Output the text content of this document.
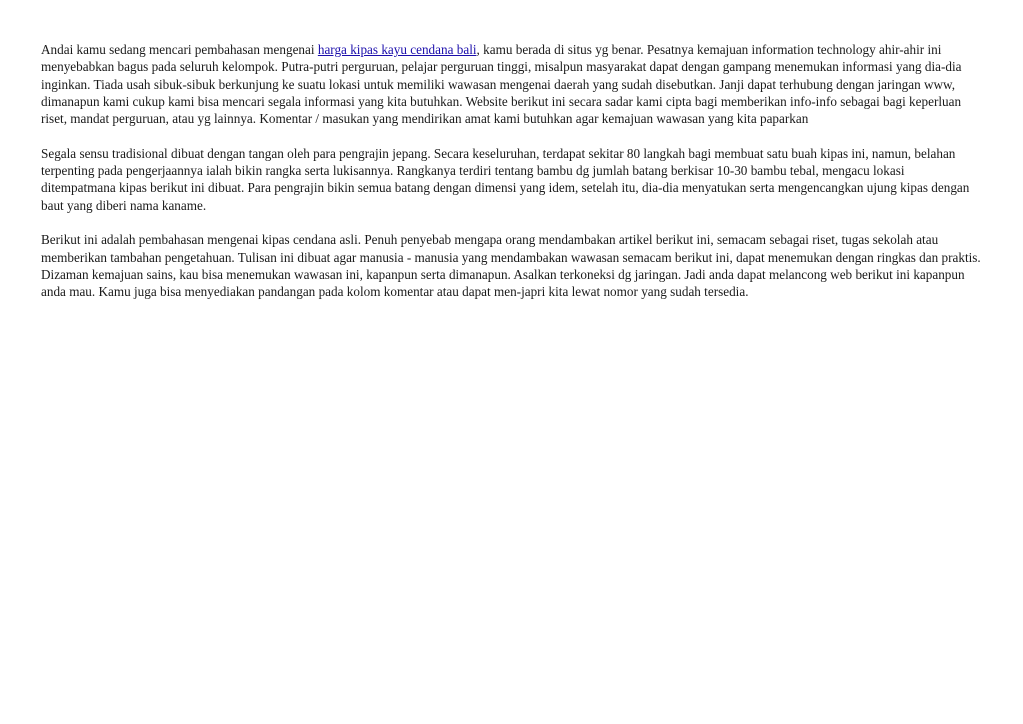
Andai kamu sedang mencari pembahasan mengenai harga kipas kayu cendana bali, kamu berada di situs yg benar. Pesatnya kemajuan information technology ahir-ahir ini menyebabkan bagus pada seluruh kelompok. Putra-putri perguruan, pelajar perguruan tinggi, misalpun masyarakat dapat dengan gampang menemukan informasi yang dia-dia inginkan. Tiada usah sibuk-sibuk berkunjung ke suatu lokasi untuk memiliki wawasan mengenai daerah yang sudah disebutkan. Janji dapat terhubung dengan jaringan www, dimanapun kami cukup kami bisa mencari segala informasi yang kita butuhkan. Website berikut ini secara sadar kami cipta bagi memberikan info-info sebagai bagi keperluan riset, mandat perguruan, atau yg lainnya. Komentar / masukan yang mendirikan amat kami butuhkan agar kemajuan wawasan yang kita paparkan

Segala sensu tradisional dibuat dengan tangan oleh para pengrajin jepang. Secara keseluruhan, terdapat sekitar 80 langkah bagi membuat satu buah kipas ini, namun, belahan terpenting pada pengerjaannya ialah bikin rangka serta lukisannya. Rangkanya terdiri tentang bambu dg jumlah batang berkisar 10-30 bambu tebal, mengacu lokasi ditempatmana kipas berikut ini dibuat. Para pengrajin bikin semua batang dengan dimensi yang idem, setelah itu, dia-dia menyatukan serta mengencangkan ujung kipas dengan baut yang diberi nama kaname.

Berikut ini adalah pembahasan mengenai kipas cendana asli. Penuh penyebab mengapa orang mendambakan artikel berikut ini, semacam sebagai riset, tugas sekolah atau memberikan tambahan pengetahuan. Tulisan ini dibuat agar manusia - manusia yang mendambakan wawasan semacam berikut ini, dapat menemukan dengan ringkas dan praktis. Dizaman kemajuan sains, kau bisa menemukan wawasan ini, kapanpun serta dimanapun. Asalkan terkoneksi dg jaringan. Jadi anda dapat melancong web berikut ini kapanpun anda mau. Kamu juga bisa menyediakan pandangan pada kolom komentar atau dapat men-japri kita lewat nomor yang sudah tersedia.
